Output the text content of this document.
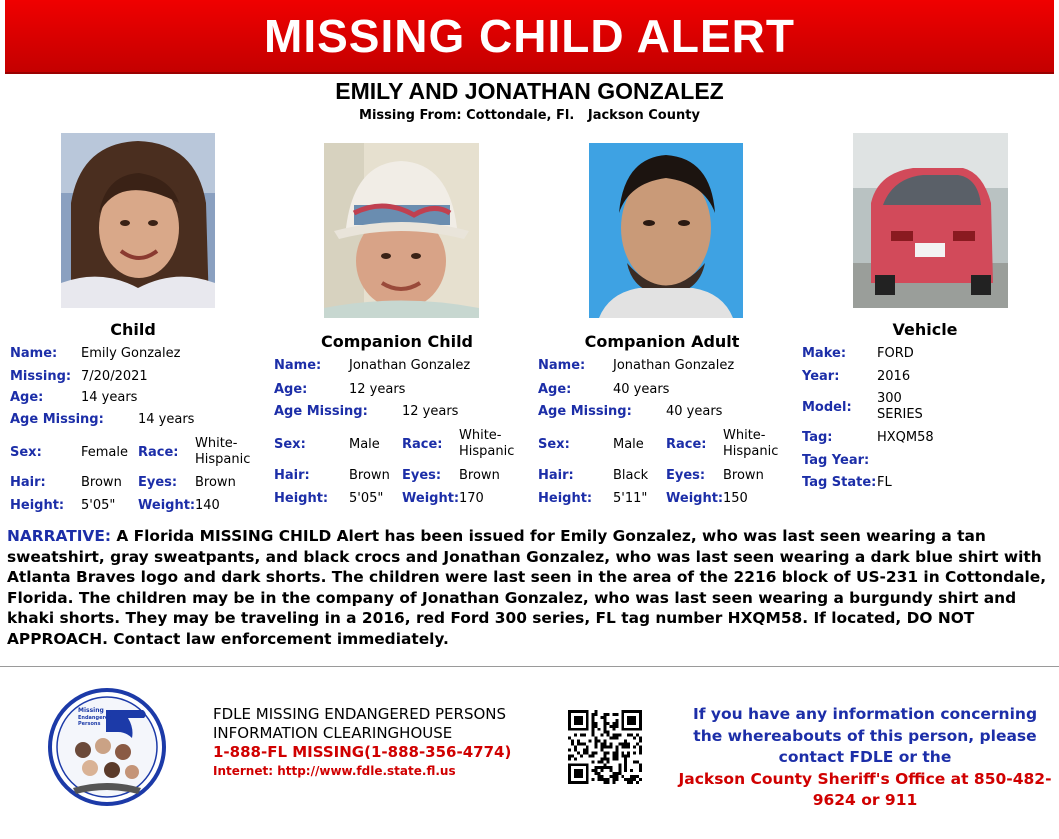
MISSING CHILD ALERT
EMILY AND JONATHAN GONZALEZ
Missing From: Cottondale, Fl.   Jackson County
Child
Name: Emily Gonzalez
Missing: 7/20/2021
Age:	14 years
Age Missing:	14 years
Sex:	Female Race:
White-Hispanic
Hair:	Brown Eyes: Brown
Height: 5'05" Weight: 140
Companion Child
Name: Jonathan Gonzalez
Age:	12 years
Age Missing:	12 years
Sex:	Male Race:
White-Hispanic
Hair:	Brown Eyes: Brown
Height: 5'05" Weight: 170
Companion Adult
Name: Jonathan Gonzalez
Age:	40 years
Age Missing:	40 years
Sex:	Male Race:
White-Hispanic
Hair:	Black Eyes: Brown
Height: 5'11" Weight: 150
Vehicle
Make: FORD
Year:	2016
Model:
300 SERIES
Tag:	HXQM58
Tag Year:
Tag State: FL
NARRATIVE: A Florida MISSING CHILD Alert has been issued for Emily Gonzalez, who was last seen wearing a tan sweatshirt, gray sweatpants, and black crocs and Jonathan Gonzalez, who was last seen wearing a dark blue shirt with Atlanta Braves logo and dark shorts. The children were last seen in the area of the 2216 block of US-231 in Cottondale, Florida. The children may be in the company of Jonathan Gonzalez, who was last seen wearing a burgundy shirt and khaki shorts. They may be traveling in a 2016, red Ford 300 series, FL tag number HXQM58. If located, DO NOT APPROACH. Contact law enforcement immediately.
Missing
Endangered
Persons
FDLE MISSING ENDANGERED PERSONS
INFORMATION CLEARINGHOUSE
1-888-FL MISSING(1-888-356-4774)
Internet: http://www.fdle.state.fl.us
If you have any information concerning
the whereabouts of this person, please
contact FDLE or the
Jackson County Sheriff's Office at 850-482-9624 or 911
